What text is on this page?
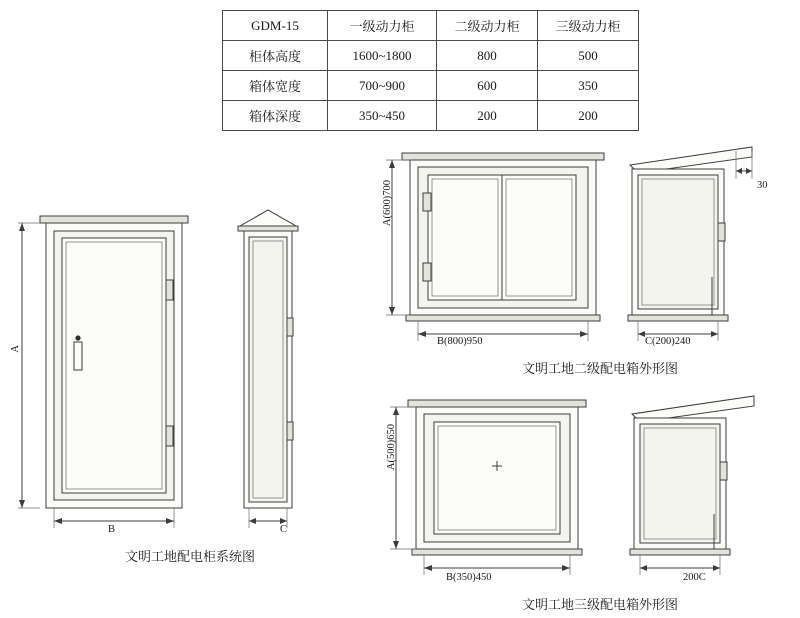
GDM-15	一级动力柜	二级动力柜	三级动力柜
柜体高度	1600~1800	800	500
箱体宽度	700~900	600	350
箱体深度	350~450	200	200
A
B	C
文明工地配电柜系统图
A(600)700
B(800)950	C(200)240
30
文明工地二级配电箱外形图
A(500)650
B(350)450	200C
文明工地三级配电箱外形图
